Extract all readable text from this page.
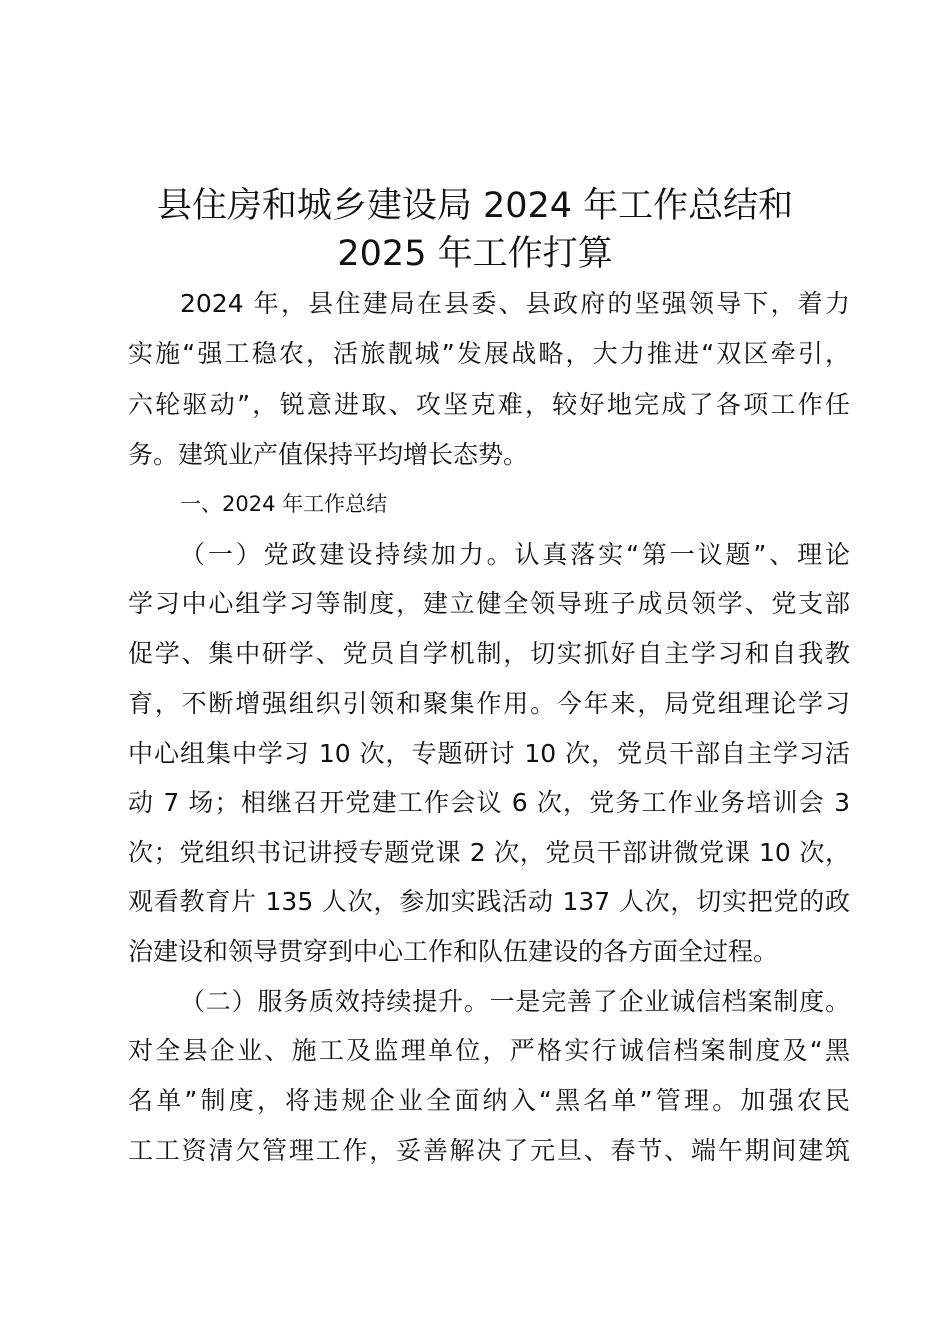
县住房和城乡建设局 2024 年工作总结和
2025 年工作打算

2024 年，县住建局在县委、县政府的坚强领导下，着力

实施“强工稳农，活旅靓城”发展战略，大力推进“双区牵引，

六轮驱动”，锐意进取、攻坚克难，较好地完成了各项工作任

务。建筑业产值保持平均增长态势。

一、2024 年工作总结

（一）党政建设持续加力。认真落实“第一议题”、理论

学习中心组学习等制度，建立健全领导班子成员领学、党支部

促学、集中研学、党员自学机制，切实抓好自主学习和自我教

育，不断增强组织引领和聚集作用。今年来，局党组理论学习

中心组集中学习 10 次，专题研讨 10 次，党员干部自主学习活

动 7 场；相继召开党建工作会议 6 次，党务工作业务培训会 3

次；党组织书记讲授专题党课 2 次，党员干部讲微党课 10 次，

观看教育片 135 人次，参加实践活动 137 人次，切实把党的政

治建设和领导贯穿到中心工作和队伍建设的各方面全过程。

（二）服务质效持续提升。一是完善了企业诚信档案制度。

对全县企业、施工及监理单位，严格实行诚信档案制度及“黑

名单”制度，将违规企业全面纳入“黑名单”管理。加强农民

工工资清欠管理工作，妥善解决了元旦、春节、端午期间建筑
